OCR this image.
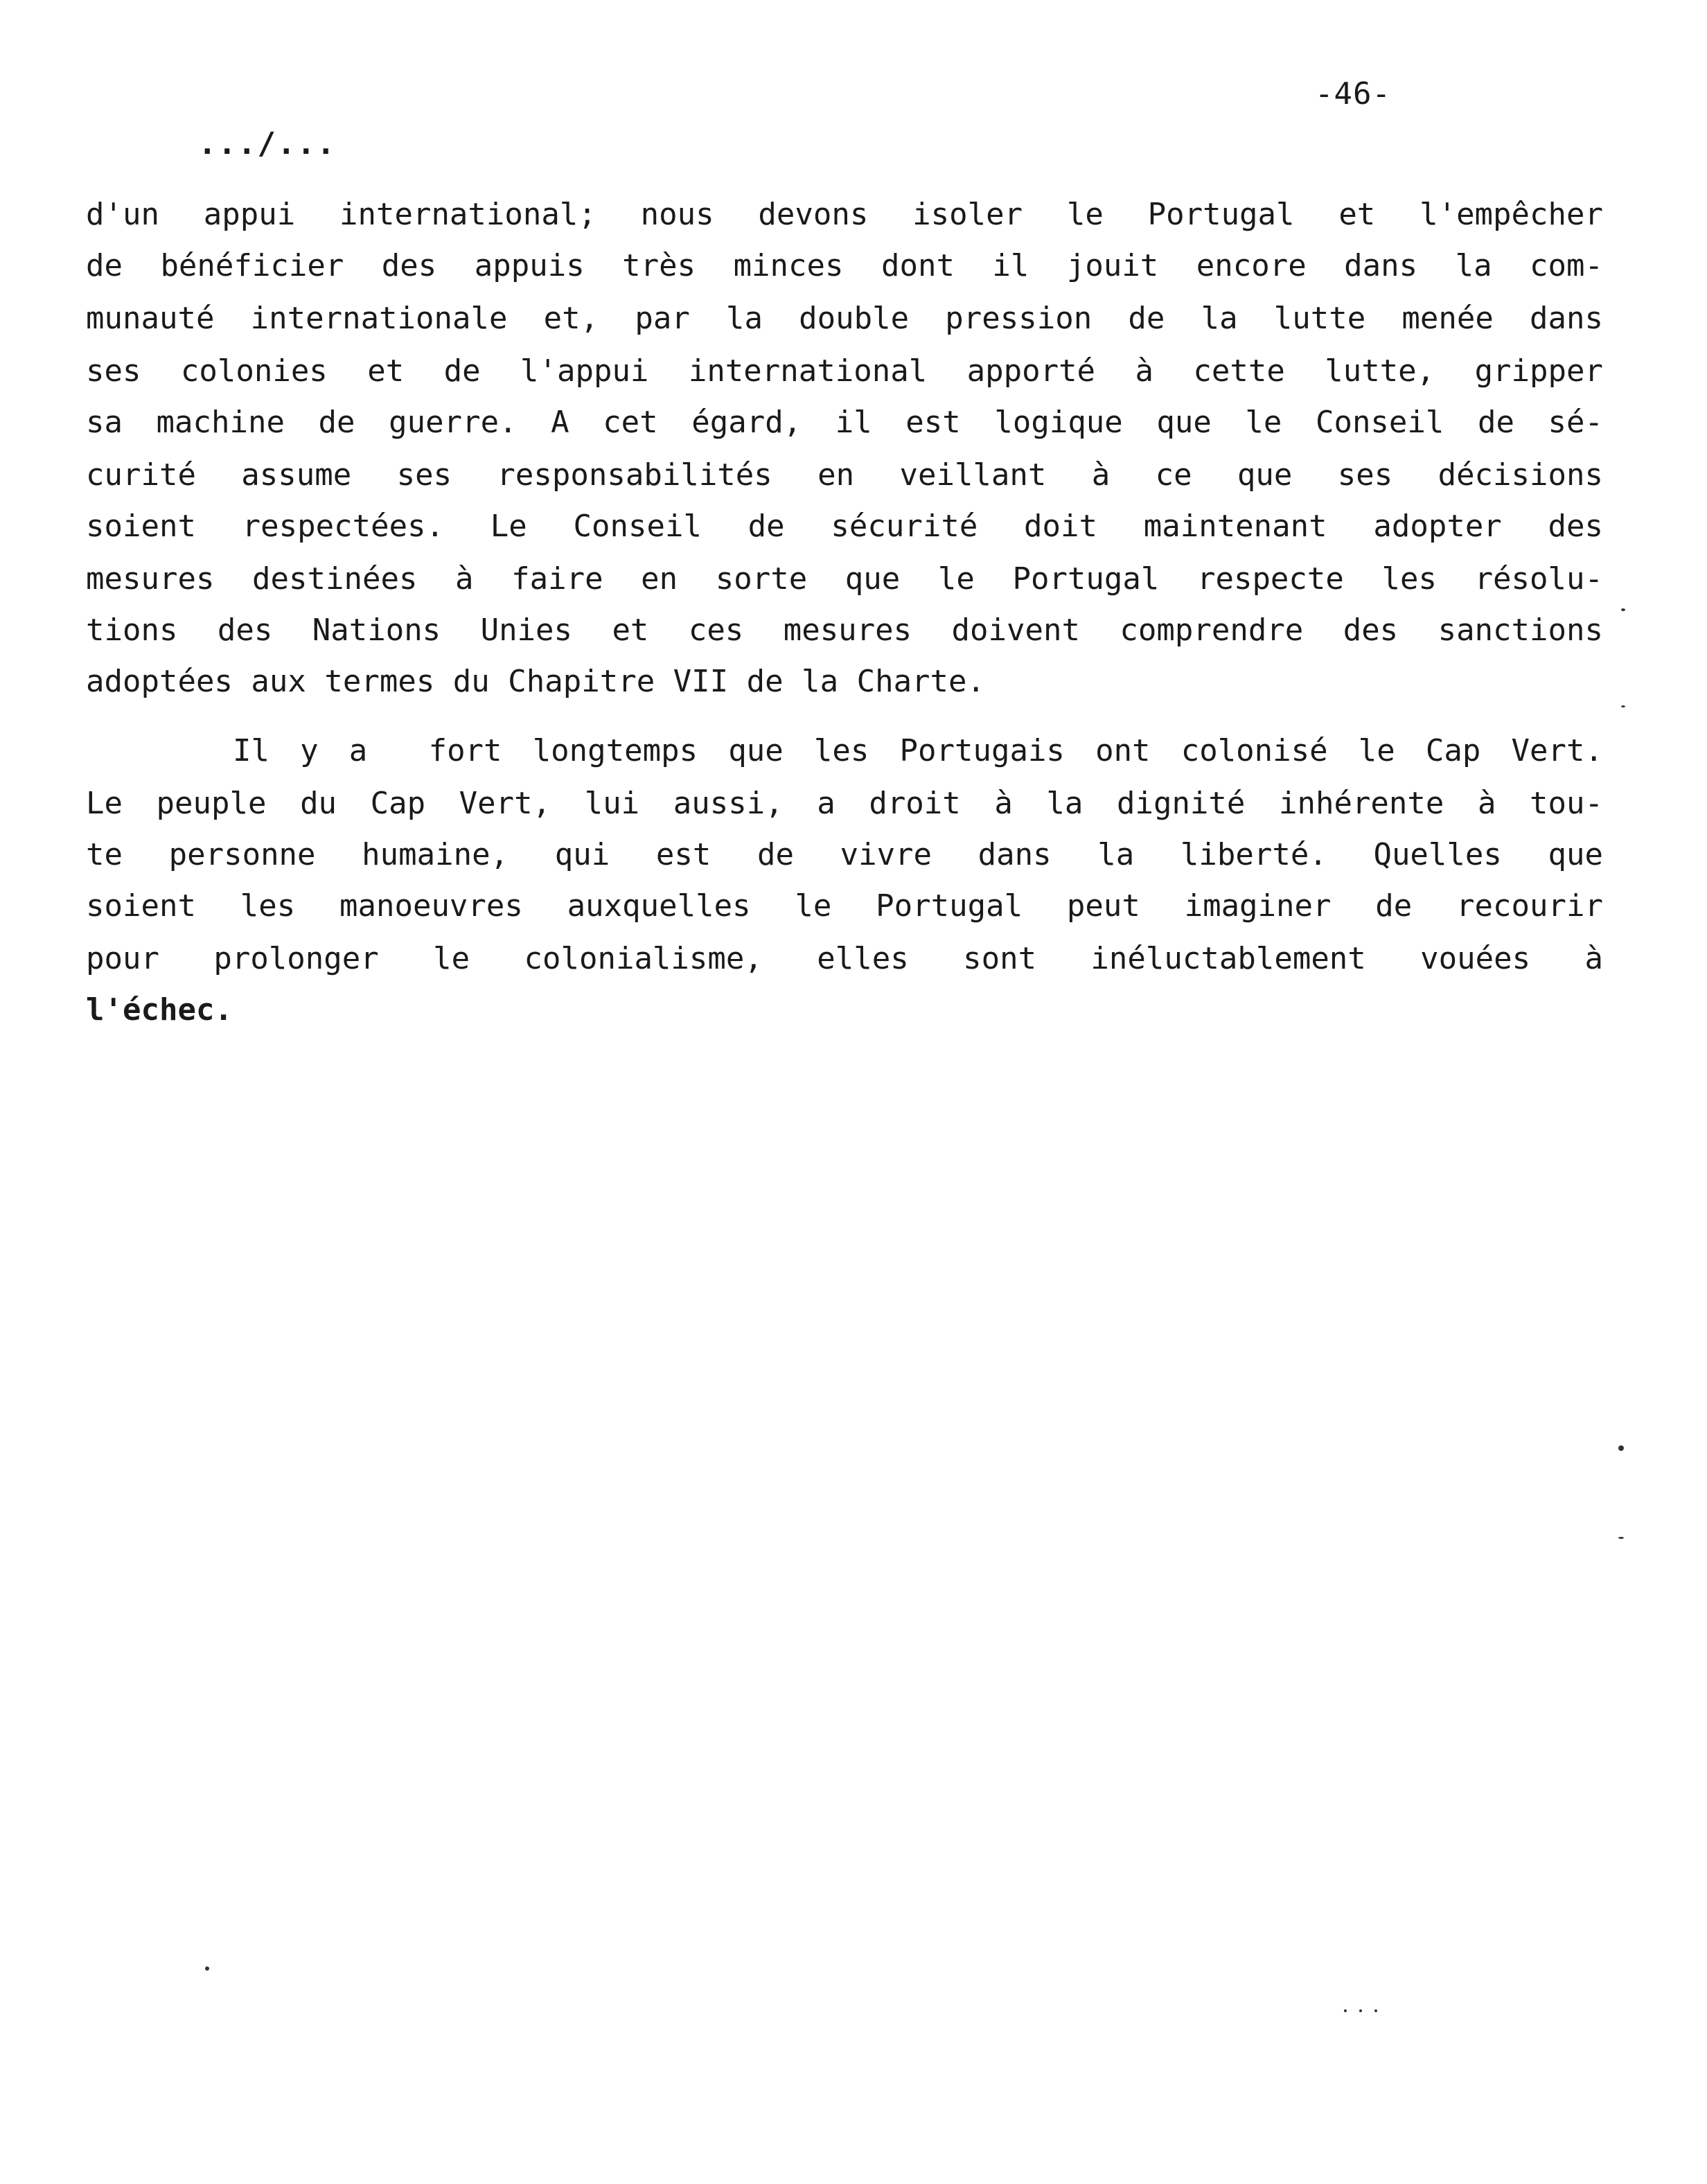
-46-
.../...
d'un appui international; nous devons isoler le Portugal et l'empêcher
de bénéficier des appuis très minces dont il jouit encore dans la com-
munauté internationale et, par la double pression de la lutte menée dans
ses colonies et de l'appui international apporté à cette lutte, gripper
sa machine de guerre. A cet égard, il est logique que le Conseil de sé-
curité assume ses responsabilités en veillant à ce que ses décisions
soient respectées. Le Conseil de sécurité doit maintenant adopter des
mesures destinées à faire en sorte que le Portugal respecte les résolu-
tions des Nations Unies et ces mesures doivent comprendre des sanctions
adoptées aux termes du Chapitre VII de la Charte.
Il y a  fort longtemps que les Portugais ont colonisé le Cap Vert.
Le peuple du Cap Vert, lui aussi, a droit à la dignité inhérente à tou-
te personne humaine, qui est de vivre dans la liberté. Quelles que
soient les manoeuvres auxquelles le Portugal peut imaginer de recourir
pour prolonger le colonialisme, elles sont inéluctablement vouées à
l'échec.
